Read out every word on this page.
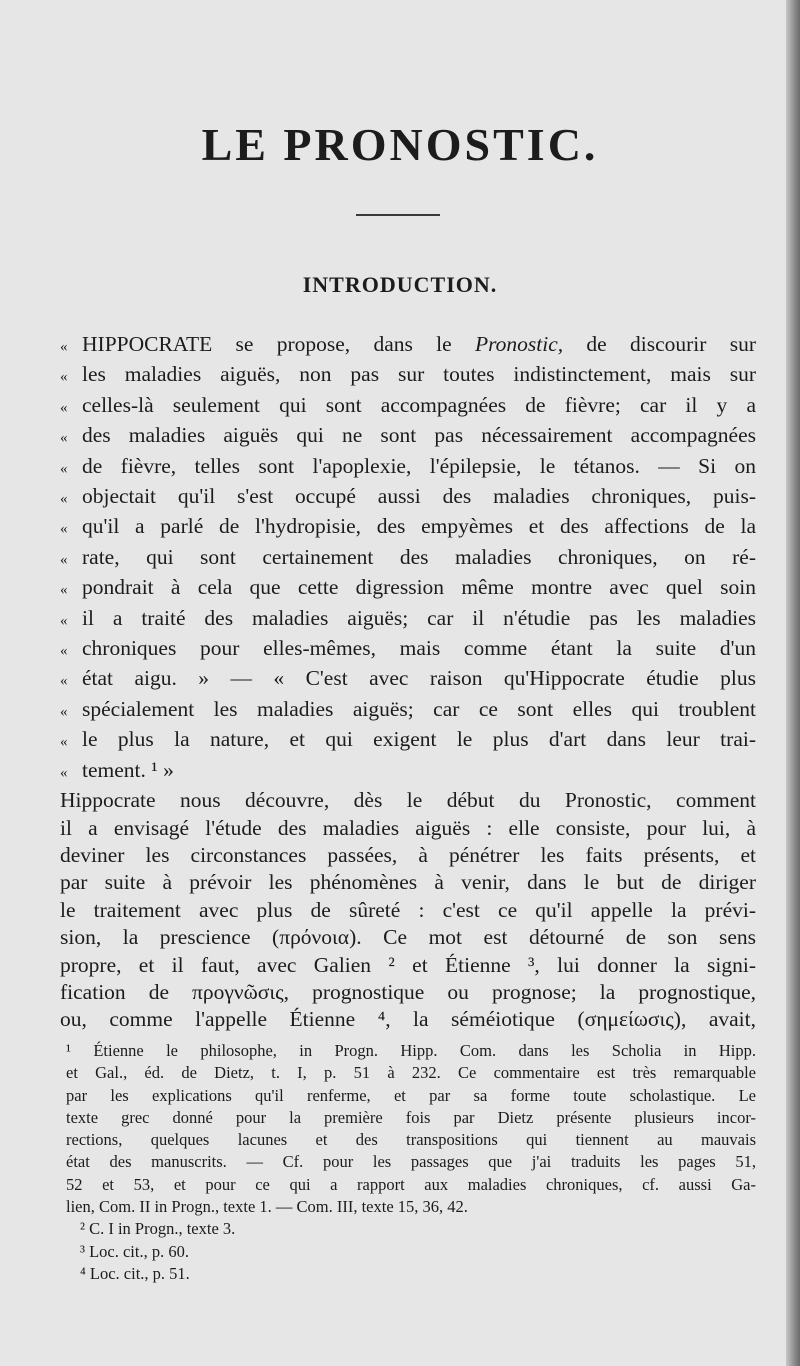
LE PRONOSTIC.
INTRODUCTION.
« HIPPOCRATE se propose, dans le Pronostic, de discourir sur
« les maladies aiguës, non pas sur toutes indistinctement, mais sur
« celles-là seulement qui sont accompagnées de fièvre; car il y a
« des maladies aiguës qui ne sont pas nécessairement accompagnées
« de fièvre, telles sont l'apoplexie, l'épilepsie, le tétanos. — Si on
« objectait qu'il s'est occupé aussi des maladies chroniques, puis-
« qu'il a parlé de l'hydropisie, des empyèmes et des affections de la
« rate, qui sont certainement des maladies chroniques, on ré-
« pondrait à cela que cette digression même montre avec quel soin
« il a traité des maladies aiguës; car il n'étudie pas les maladies
« chroniques pour elles-mêmes, mais comme étant la suite d'un
« état aigu. » — « C'est avec raison qu'Hippocrate étudie plus
« spécialement les maladies aiguës; car ce sont elles qui troublent
« le plus la nature, et qui exigent le plus d'art dans leur trai-
« tement. ¹ »
Hippocrate nous découvre, dès le début du Pronostic, comment
il a envisagé l'étude des maladies aiguës : elle consiste, pour lui, à
deviner les circonstances passées, à pénétrer les faits présents, et
par suite à prévoir les phénomènes à venir, dans le but de diriger
le traitement avec plus de sûreté : c'est ce qu'il appelle la prévi-
sion, la prescience (πρόνοια). Ce mot est détourné de son sens
propre, et il faut, avec Galien ² et Étienne ³, lui donner la signi-
fication de προγνῶσις, prognostique ou prognose; la prognostique,
ou, comme l'appelle Étienne ⁴, la séméiotique (σημείωσις), avait,
¹ Étienne le philosophe, in Progn. Hipp. Com. dans les Scholia in Hipp.
et Gal., éd. de Dietz, t. I, p. 51 à 232. Ce commentaire est très remarquable
par les explications qu'il renferme, et par sa forme toute scholastique. Le
texte grec donné pour la première fois par Dietz présente plusieurs incor-
rections, quelques lacunes et des transpositions qui tiennent au mauvais
état des manuscrits. — Cf. pour les passages que j'ai traduits les pages 51,
52 et 53, et pour ce qui a rapport aux maladies chroniques, cf. aussi Ga-
lien, Com. II in Progn., texte 1. — Com. III, texte 15, 36, 42.
² C. I in Progn., texte 3.
³ Loc. cit., p. 60.
⁴ Loc. cit., p. 51.
